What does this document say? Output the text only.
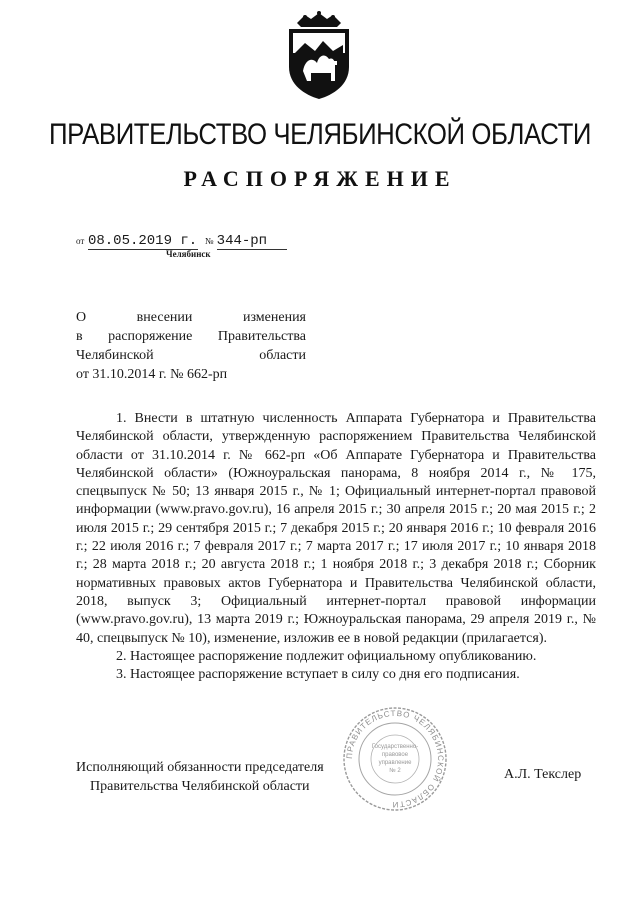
ПРАВИТЕЛЬСТВО ЧЕЛЯБИНСКОЙ ОБЛАСТИ
РАСПОРЯЖЕНИЕ
от 08.05.2019 г. № 344-рп
Челябинск
О	внесении	изменения
в распоряжение Правительства
Челябинской	области
от 31.10.2014 г. № 662-рп

1. Внести в штатную численность Аппарата Губернатора и Правительства Челябинской области, утвержденную распоряжением Правительства Челябинской области от 31.10.2014 г. № 662-рп «Об Аппарате Губернатора и Правительства Челябинской области» (Южноуральская панорама, 8 ноября 2014 г., № 175, спецвыпуск № 50; 13 января 2015 г., № 1; Официальный интернет-портал правовой информации (www.pravo.gov.ru), 16 апреля 2015 г.; 30 апреля 2015 г.; 20 мая 2015 г.; 2 июля 2015 г.; 29 сентября 2015 г.; 7 декабря 2015 г.; 20 января 2016 г.; 10 февраля 2016 г.; 22 июля 2016 г.; 7 февраля 2017 г.; 7 марта 2017 г.; 17 июля 2017 г.; 10 января 2018 г.; 28 марта 2018 г.; 20 августа 2018 г.; 1 ноября 2018 г.; 3 декабря 2018 г.; Сборник нормативных правовых актов Губернатора и Правительства Челябинской области, 2018, выпуск 3; Официальный интернет-портал правовой информации (www.pravo.gov.ru), 13 марта 2019 г.; Южноуральская панорама, 29 апреля 2019 г., № 40, спецвыпуск № 10), изменение, изложив ее в новой редакции (прилагается).

2. Настоящее распоряжение подлежит официальному опубликованию.

3. Настоящее распоряжение вступает в силу со дня его подписания.

Исполняющий обязанности председателя
Правительства Челябинской области
ПРАВИТЕЛЬСТВО ЧЕЛЯБИНСКОЙ ОБЛАСТИ
Государственно-
правовое
управление
№ 2	А.Л. Текслер
